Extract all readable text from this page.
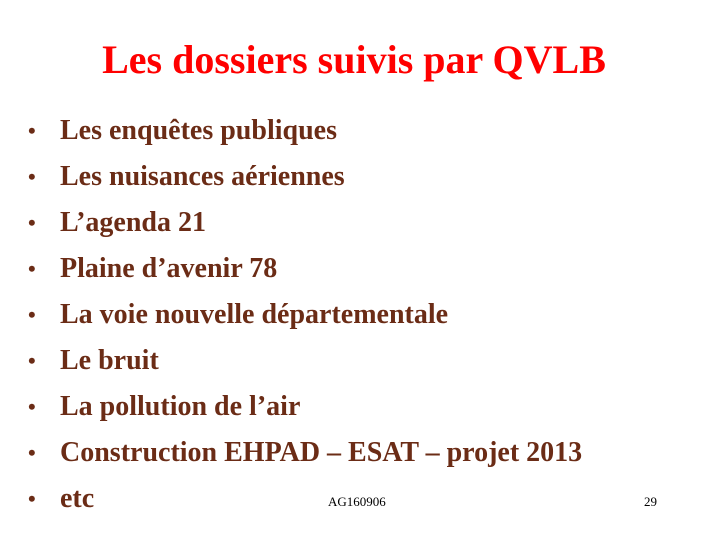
Les dossiers suivis par QVLB
• Les enquêtes publiques
• Les nuisances aériennes
• L’agenda 21
• Plaine d’avenir 78
• La voie nouvelle départementale
• Le bruit
• La pollution de l’air
• Construction EHPAD – ESAT – projet 2013
• etc	AG160906	29
